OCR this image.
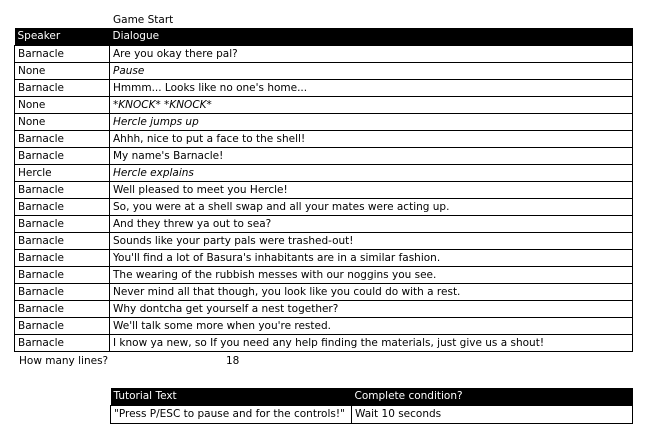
Game Start
Speaker	Dialogue
Barnacle	Are you okay there pal?
None	Pause
Barnacle	Hmmm... Looks like no one's home...
None	*KNOCK* *KNOCK*
None	Hercle jumps up
Barnacle	Ahhh, nice to put a face to the shell!
Barnacle	My name's Barnacle!
Hercle	Hercle explains
Barnacle	Well pleased to meet you Hercle!
Barnacle	So, you were at a shell swap and all your mates were acting up.
Barnacle	And they threw ya out to sea?
Barnacle	Sounds like your party pals were trashed-out!
Barnacle	You'll find a lot of Basura's inhabitants are in a similar fashion.
Barnacle	The wearing of the rubbish messes with our noggins you see.
Barnacle	Never mind all that though, you look like you could do with a rest.
Barnacle	Why dontcha get yourself a nest together?
Barnacle	We'll talk some more when you're rested.
Barnacle	I know ya new, so If you need any help finding the materials, just give us a shout!
How many lines?	18
Tutorial Text	Complete condition?
"Press P/ESC to pause and for the controls!"	Wait 10 seconds
